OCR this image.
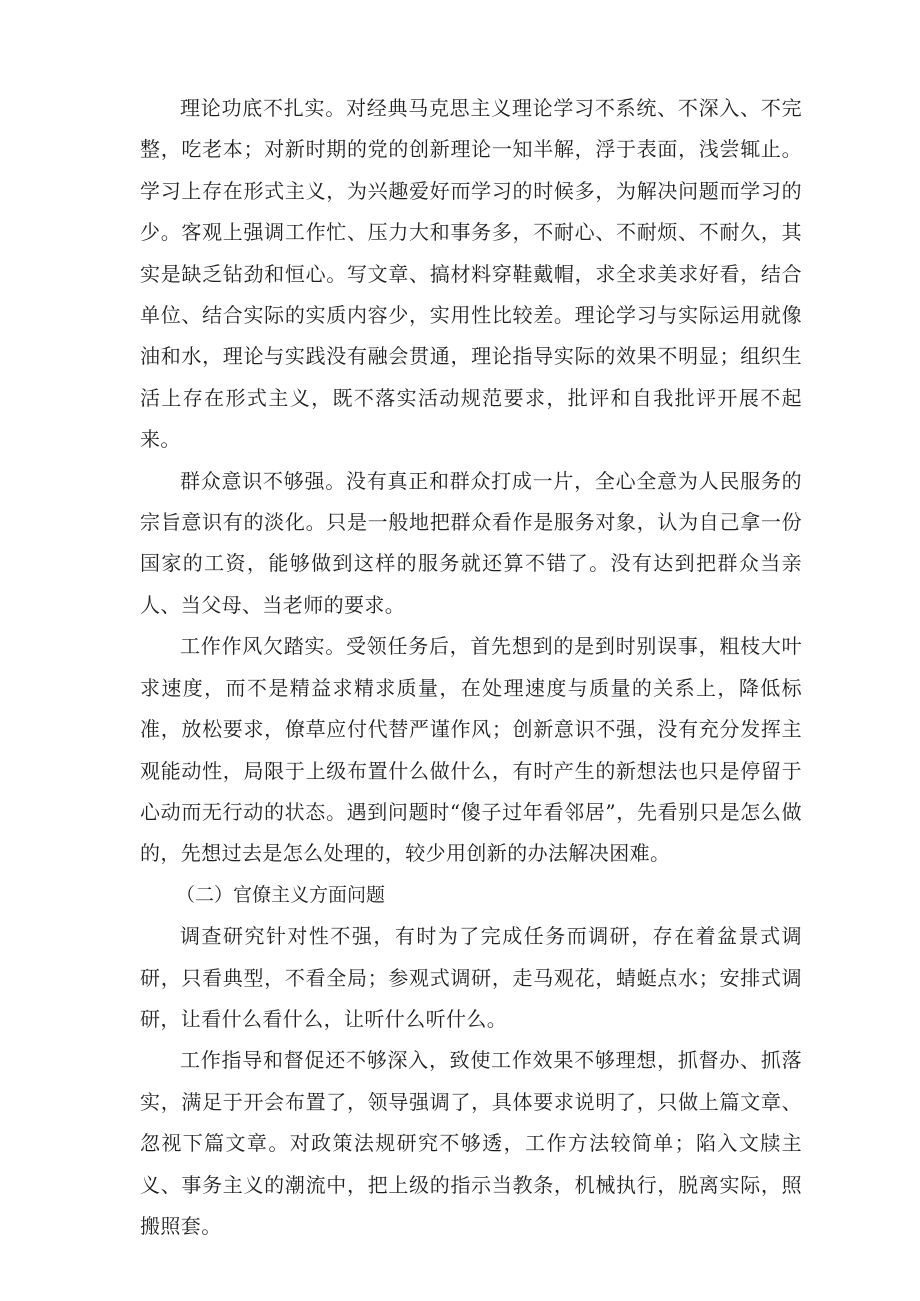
理论功底不扎实。对经典马克思主义理论学习不系统、不深入、不完整，吃老本；对新时期的党的创新理论一知半解，浮于表面，浅尝辄止。学习上存在形式主义，为兴趣爱好而学习的时候多，为解决问题而学习的少。客观上强调工作忙、压力大和事务多，不耐心、不耐烦、不耐久，其实是缺乏钻劲和恒心。写文章、搞材料穿鞋戴帽，求全求美求好看，结合单位、结合实际的实质内容少，实用性比较差。理论学习与实际运用就像油和水，理论与实践没有融会贯通，理论指导实际的效果不明显；组织生活上存在形式主义，既不落实活动规范要求，批评和自我批评开展不起来。

群众意识不够强。没有真正和群众打成一片，全心全意为人民服务的宗旨意识有的淡化。只是一般地把群众看作是服务对象，认为自己拿一份国家的工资，能够做到这样的服务就还算不错了。没有达到把群众当亲人、当父母、当老师的要求。

工作作风欠踏实。受领任务后，首先想到的是到时别误事，粗枝大叶求速度，而不是精益求精求质量，在处理速度与质量的关系上，降低标准，放松要求，僚草应付代替严谨作风；创新意识不强，没有充分发挥主观能动性，局限于上级布置什么做什么，有时产生的新想法也只是停留于心动而无行动的状态。遇到问题时“傻子过年看邻居”，先看别只是怎么做的，先想过去是怎么处理的，较少用创新的办法解决困难。

（二）官僚主义方面问题

调查研究针对性不强，有时为了完成任务而调研，存在着盆景式调研，只看典型，不看全局；参观式调研，走马观花，蜻蜓点水；安排式调研，让看什么看什么，让听什么听什么。

工作指导和督促还不够深入，致使工作效果不够理想，抓督办、抓落实，满足于开会布置了，领导强调了，具体要求说明了，只做上篇文章、忽视下篇文章。对政策法规研究不够透，工作方法较简单；陷入文牍主义、事务主义的潮流中，把上级的指示当教条，机械执行，脱离实际，照搬照套。
